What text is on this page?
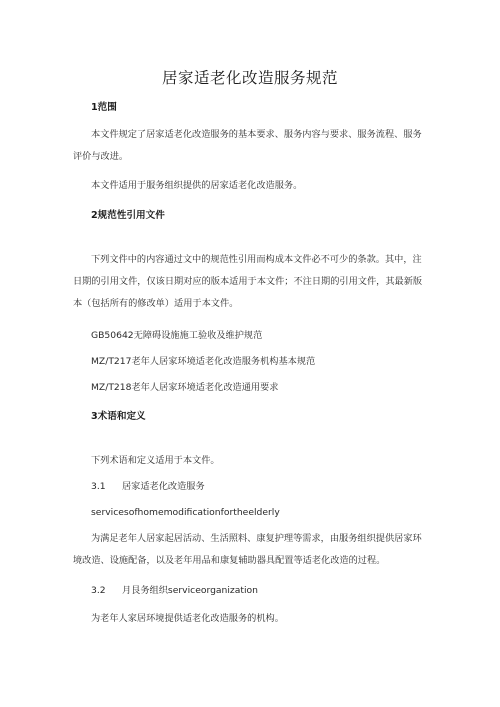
居家适老化改造服务规范
1范围
本文件规定了居家适老化改造服务的基本要求、服务内容与要求、服务流程、服务
评价与改进。
本文件适用于服务组织提供的居家适老化改造服务。
2规范性引用文件
下列文件中的内容通过文中的规范性引用而构成本文件必不可少的条款。其中，注
日期的引用文件，仅该日期对应的版本适用于本文件；不注日期的引用文件，其最新版
本（包括所有的修改单）适用于本文件。
GB50642无障碍设施施工验收及维护规范
MZ/T217老年人居家环境适老化改造服务机构基本规范
MZ/T218老年人居家环境适老化改造通用要求
3术语和定义
下列术语和定义适用于本文件。
3.1 居家适老化改造服务
servicesofhomemodificationfortheelderly
为满足老年人居家起居活动、生活照料、康复护理等需求，由服务组织提供居家环
境改造、设施配备，以及老年用品和康复辅助器具配置等适老化改造的过程。
3.2 月艮务组织serviceorganization
为老年人家居环境提供适老化改造服务的机构。
